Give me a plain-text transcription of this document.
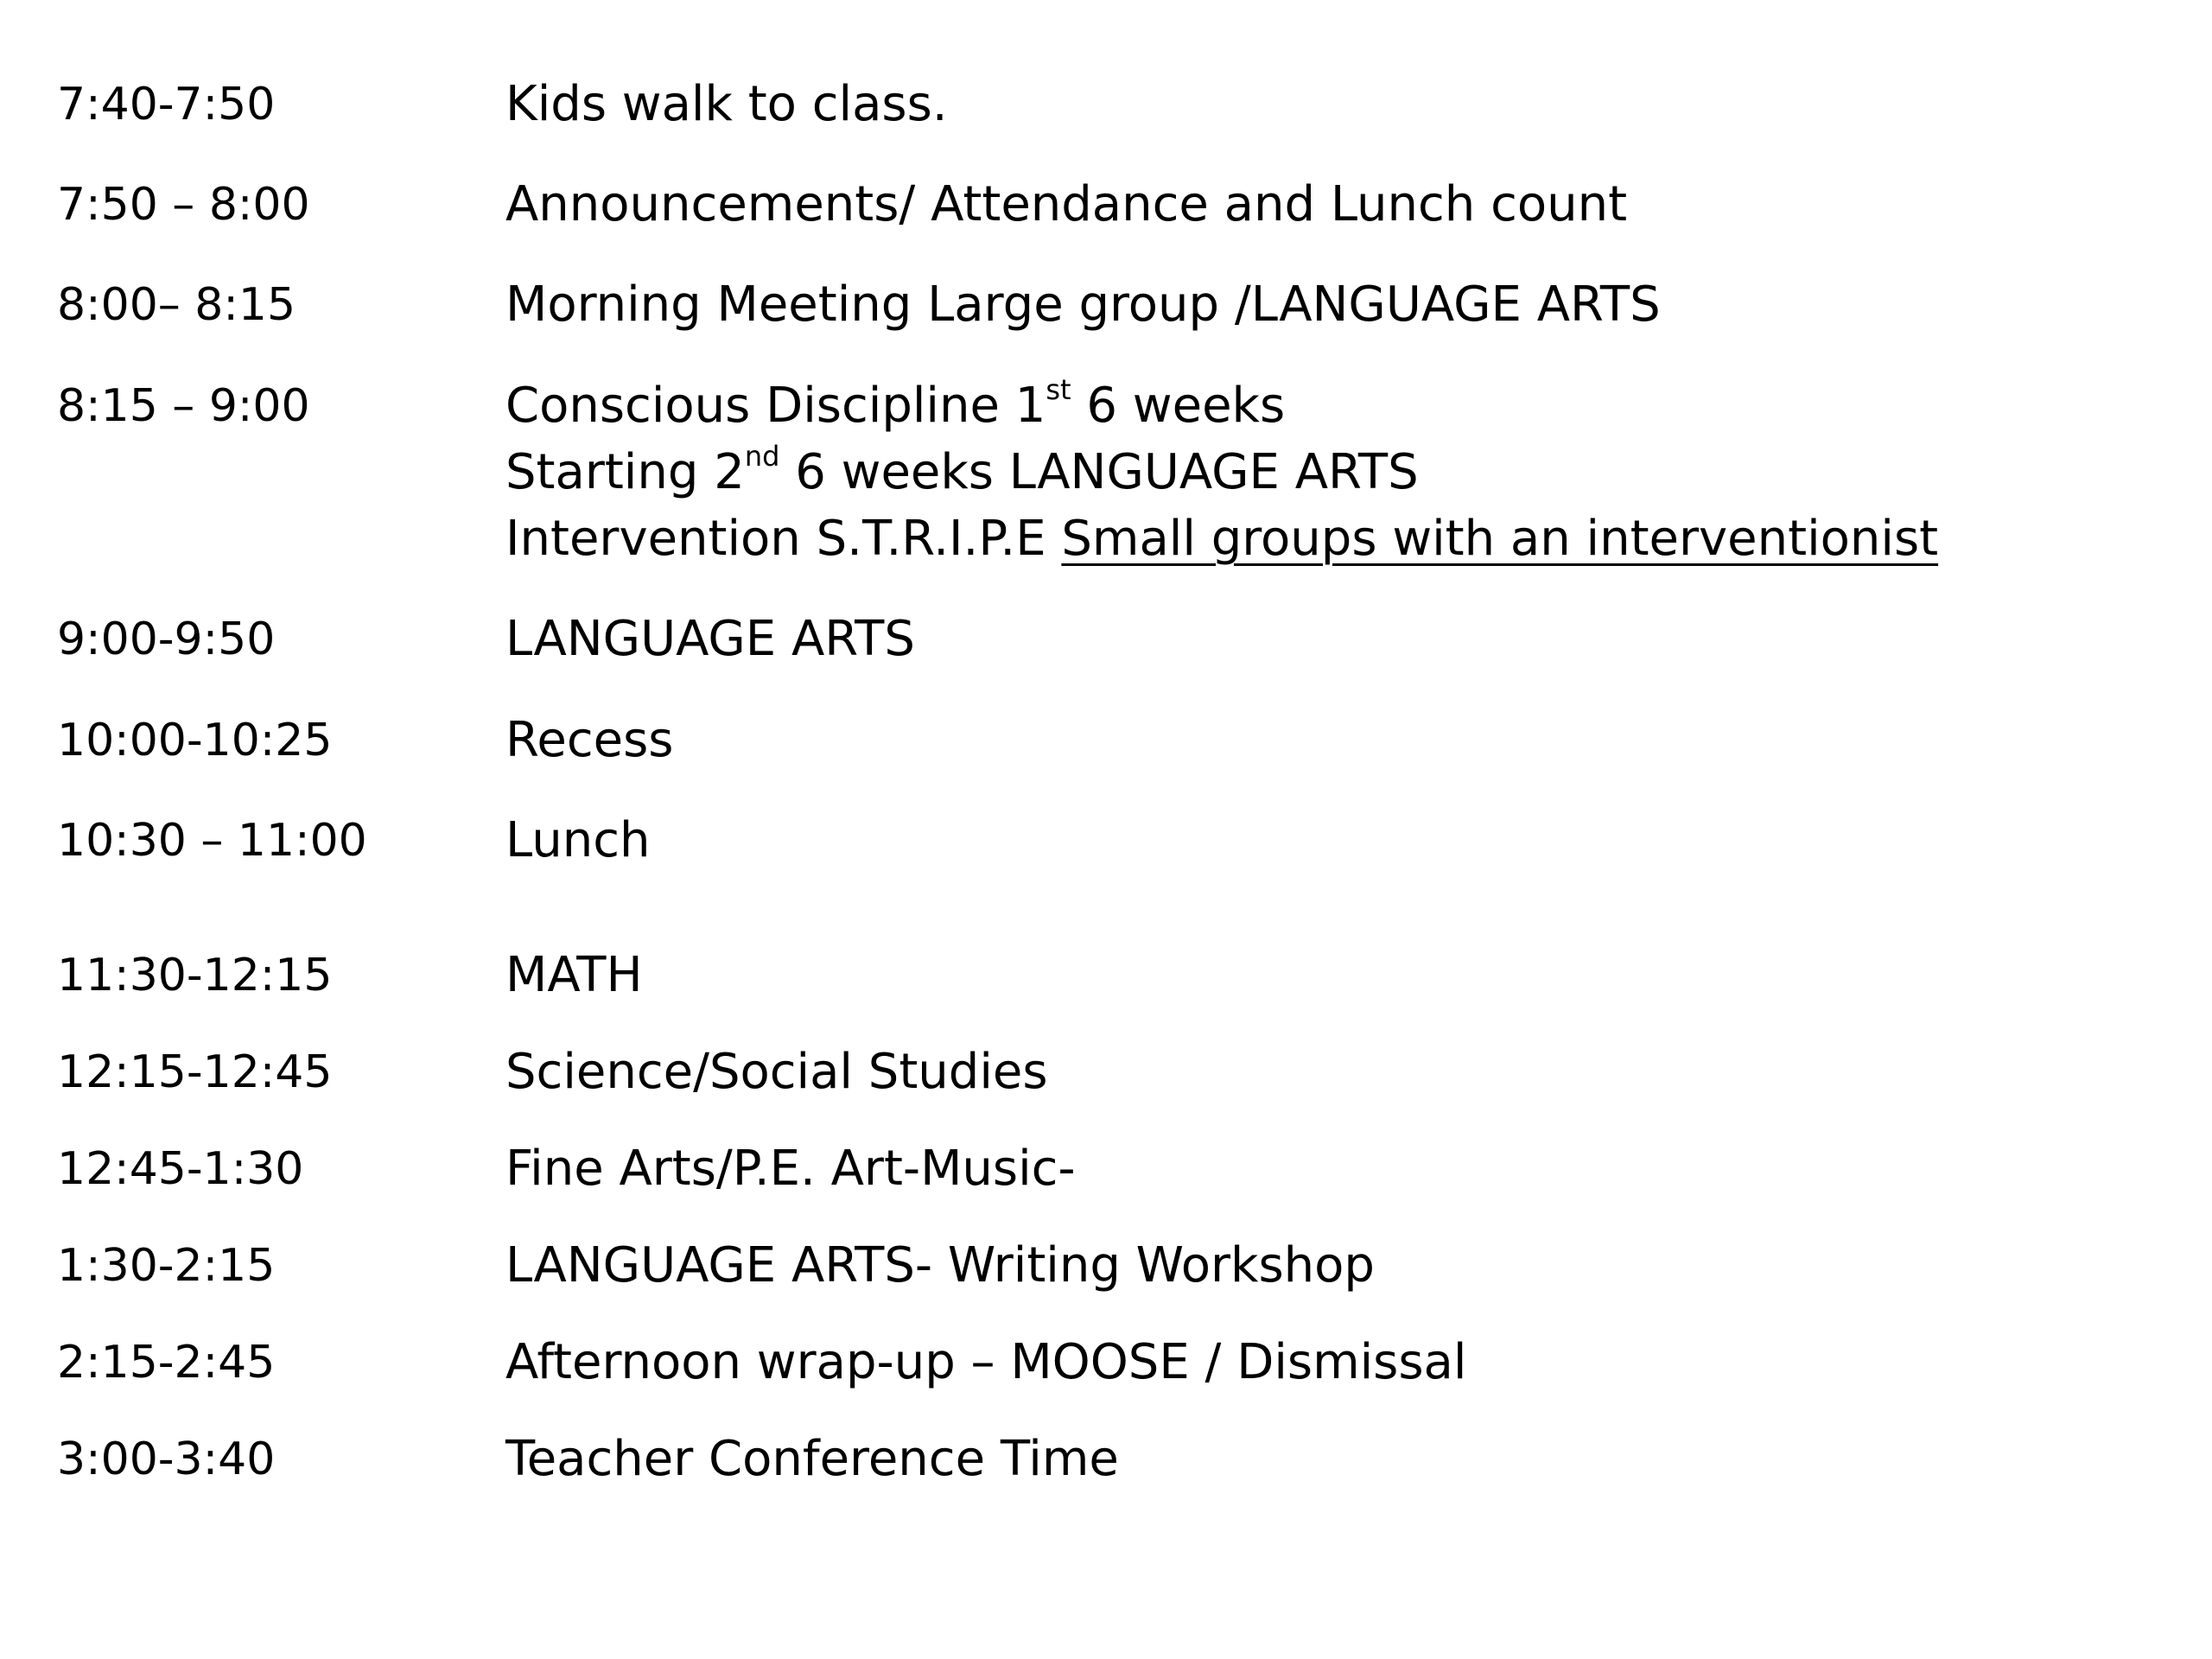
7:40-7:50	Kids walk to class.
7:50 – 8:00	Announcements/ Attendance and Lunch count
8:00– 8:15	Morning Meeting Large group /LANGUAGE ARTS
8:15 – 9:00	Conscious Discipline 1st 6 weeks
Starting 2nd 6 weeks LANGUAGE ARTS
Intervention S.T.R.I.P.E Small groups with an interventionist
9:00-9:50	LANGUAGE ARTS
10:00-10:25	Recess
10:30 – 11:00	Lunch
11:30-12:15	MATH
12:15-12:45	Science/Social Studies
12:45-1:30	Fine Arts/P.E. Art-Music-
1:30-2:15	LANGUAGE ARTS- Writing Workshop
2:15-2:45	Afternoon wrap-up – MOOSE / Dismissal
3:00-3:40	Teacher Conference Time
